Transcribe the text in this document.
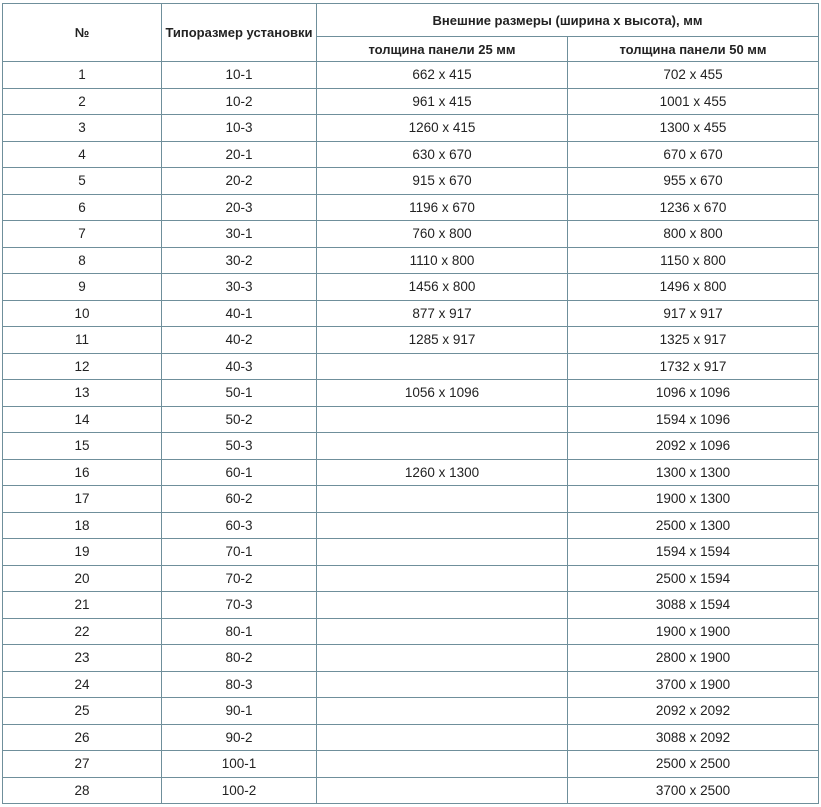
№	Типоразмер установки	Внешние размеры (ширина х высота), мм	
		толщина панели 25 мм	толщина панели 50 мм
1	10-1	662 х 415	702 х 455
2	10-2	961 х 415	1001 х 455
3	10-3	1260 х 415	1300 х 455
4	20-1	630 х 670	670 х 670
5	20-2	915 х 670	955 х 670
6	20-3	1196 х 670	1236 х 670
7	30-1	760 х 800	800 х 800
8	30-2	1110 х 800	1150 х 800
9	30-3	1456 х 800	1496 х 800
10	40-1	877 х 917	917 х 917
11	40-2	1285 х 917	1325 х 917
12	40-3		1732 х 917
13	50-1	1056 х 1096	1096 х 1096
14	50-2		1594 х 1096
15	50-3		2092 х 1096
16	60-1	1260 х 1300	1300 х 1300
17	60-2		1900 х 1300
18	60-3		2500 х 1300
19	70-1		1594 х 1594
20	70-2		2500 х 1594
21	70-3		3088 х 1594
22	80-1		1900 х 1900
23	80-2		2800 х 1900
24	80-3		3700 х 1900
25	90-1		2092 х 2092
26	90-2		3088 х 2092
27	100-1		2500 х 2500
28	100-2		3700 х 2500
